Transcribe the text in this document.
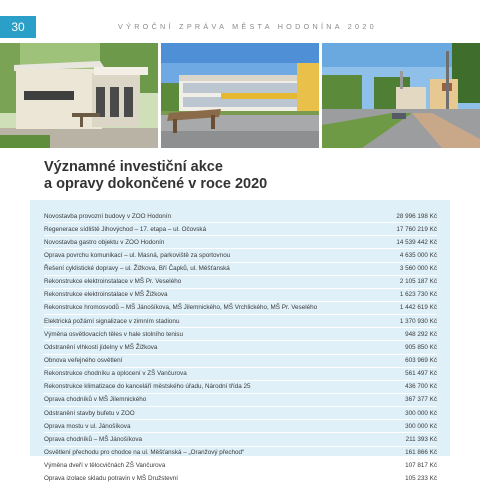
30	VÝROČNÍ ZPRÁVA MĚSTA HODONÍNA 2020
Významné investiční akce
a opravy dokončené v roce 2020
Novostavba provozní budovy v ZOO Hodonín	28 996 198 Kč
Regenerace sídliště Jihovýchod – 17. etapa – ul. Očovská	17 760 219 Kč
Novostavba gastro objektu v ZOO Hodonín	14 539 442 Kč
Oprava povrchu komunikací – ul. Masná, parkoviště za sportovnou	4 635 000 Kč
Řešení cyklistické dopravy – ul. Žižkova, Bří Čapků, ul. Měšťanská	3 560 000 Kč
Rekonstrukce elektroinstalace v MŠ Pr. Veselého	2 105 187 Kč
Rekonstrukce elektroinstalace v MŠ Žižkova	1 623 730 Kč
Rekonstrukce hromosvodů – MŠ Jánošíkova, MŠ Jilemnického, MŠ Vrchlického, MŠ Pr. Veselého	1 442 619 Kč
Elektrická požární signalizace v zimním stadionu	1 370 930 Kč
Výměna osvětlovacích těles v hale stolního tenisu	948 292 Kč
Odstranění vlhkosti jídelny v MŠ Žižkova	905 850 Kč
Obnova veřejného osvětlení	603 969 Kč
Rekonstrukce chodníku a oplocení v ZŠ Vančurova	561 497 Kč
Rekonstrukce klimatizace do kanceláří městského úřadu, Národní třída 25	436 700 Kč
Oprava chodníků v MŠ Jilemnického	367 377 Kč
Odstranění stavby bufetu v ZOO	300 000 Kč
Oprava mostu v ul. Jánošíkova	300 000 Kč
Oprava chodníků – MŠ Jánošíkova	211 393 Kč
Osvětlení přechodu pro chodce na ul. Měšťanská – „Oranžový přechod“	161 866 Kč
Výměna dveří v tělocvičnách ZŠ Vančurova	107 817 Kč
Oprava izolace skladu potravin v MŠ Družstevní	105 233 Kč
